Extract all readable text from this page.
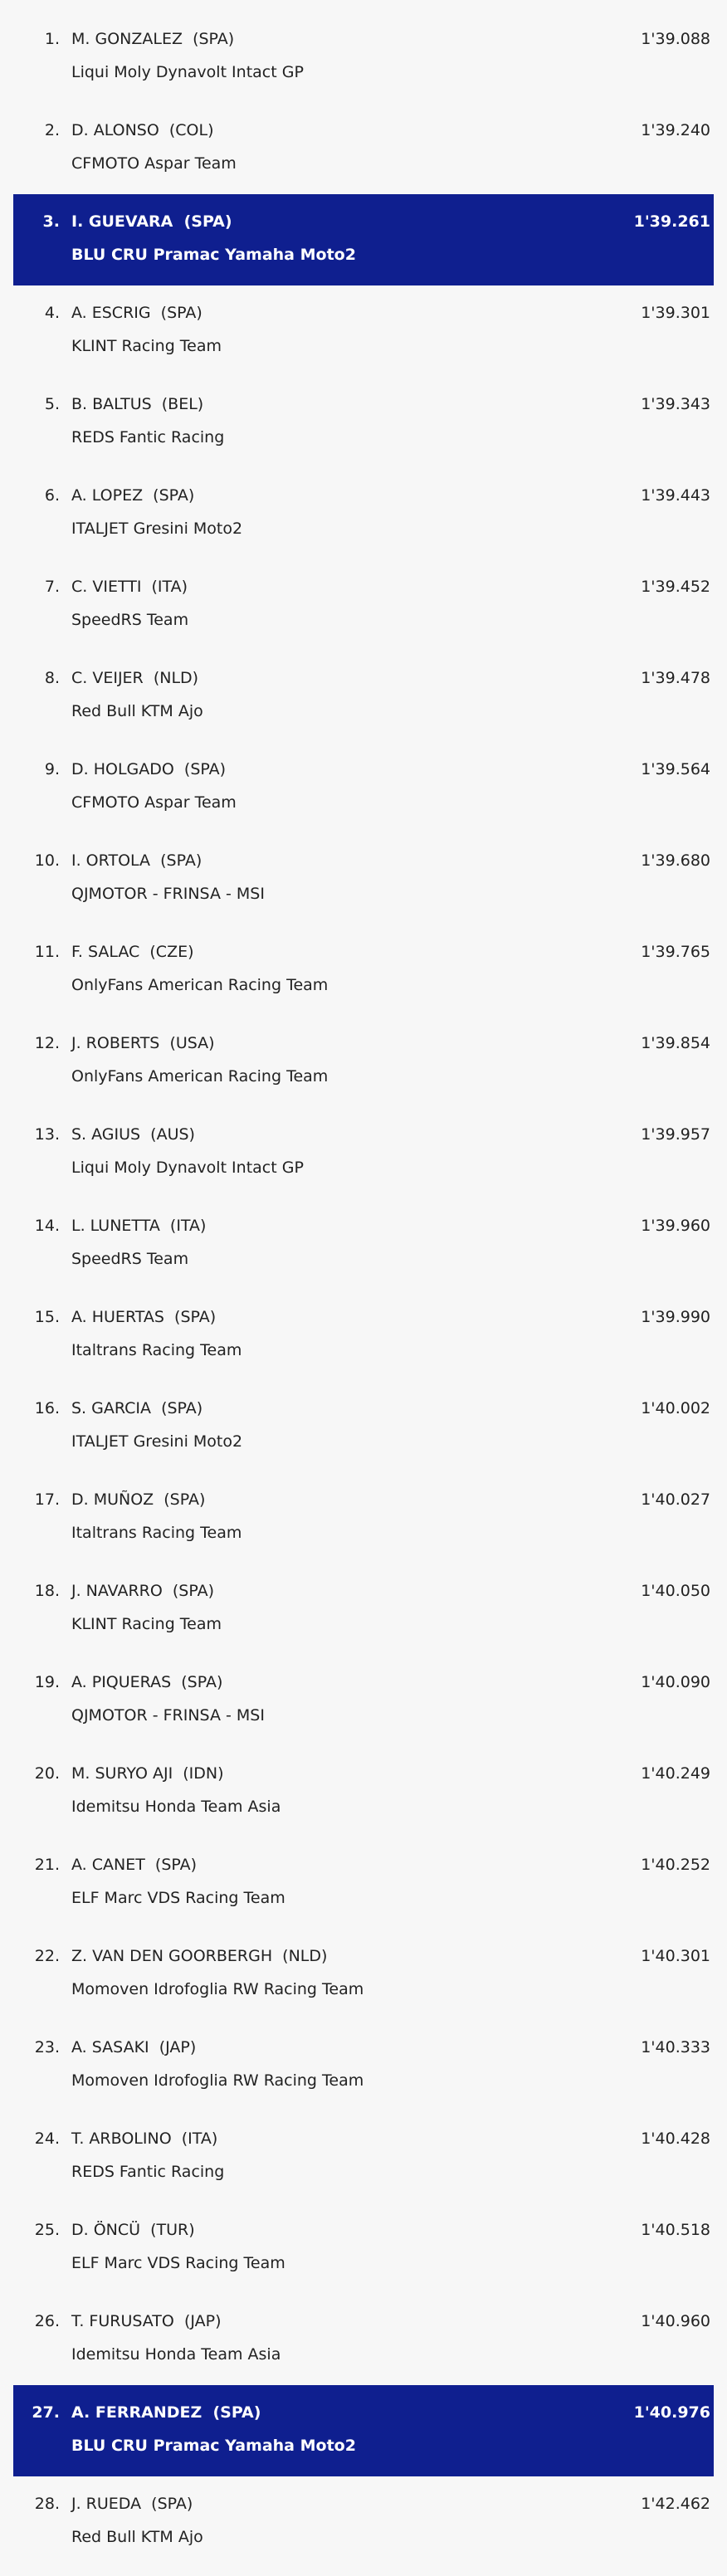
1. M. GONZALEZ  (SPA)	1'39.088
Liqui Moly Dynavolt Intact GP
2. D. ALONSO  (COL)	1'39.240
CFMOTO Aspar Team
3. I. GUEVARA  (SPA)	1'39.261
BLU CRU Pramac Yamaha Moto2
4. A. ESCRIG  (SPA)	1'39.301
KLINT Racing Team
5. B. BALTUS  (BEL)	1'39.343
REDS Fantic Racing
6. A. LOPEZ  (SPA)	1'39.443
ITALJET Gresini Moto2
7. C. VIETTI  (ITA)	1'39.452
SpeedRS Team
8. C. VEIJER  (NLD)	1'39.478
Red Bull KTM Ajo
9. D. HOLGADO  (SPA)	1'39.564
CFMOTO Aspar Team
10. I. ORTOLA  (SPA)	1'39.680
QJMOTOR - FRINSA - MSI
11. F. SALAC  (CZE)	1'39.765
OnlyFans American Racing Team
12. J. ROBERTS  (USA)	1'39.854
OnlyFans American Racing Team
13. S. AGIUS  (AUS)	1'39.957
Liqui Moly Dynavolt Intact GP
14. L. LUNETTA  (ITA)	1'39.960
SpeedRS Team
15. A. HUERTAS  (SPA)	1'39.990
Italtrans Racing Team
16. S. GARCIA  (SPA)	1'40.002
ITALJET Gresini Moto2
17. D. MUÑOZ  (SPA)	1'40.027
Italtrans Racing Team
18. J. NAVARRO  (SPA)	1'40.050
KLINT Racing Team
19. A. PIQUERAS  (SPA)	1'40.090
QJMOTOR - FRINSA - MSI
20. M. SURYO AJI  (IDN)	1'40.249
Idemitsu Honda Team Asia
21. A. CANET  (SPA)	1'40.252
ELF Marc VDS Racing Team
22. Z. VAN DEN GOORBERGH  (NLD)	1'40.301
Momoven Idrofoglia RW Racing Team
23. A. SASAKI  (JAP)	1'40.333
Momoven Idrofoglia RW Racing Team
24. T. ARBOLINO  (ITA)	1'40.428
REDS Fantic Racing
25. D. ÖNCÜ  (TUR)	1'40.518
ELF Marc VDS Racing Team
26. T. FURUSATO  (JAP)	1'40.960
Idemitsu Honda Team Asia
27. A. FERRANDEZ  (SPA)	1'40.976
BLU CRU Pramac Yamaha Moto2
28. J. RUEDA  (SPA)	1'42.462
Red Bull KTM Ajo
